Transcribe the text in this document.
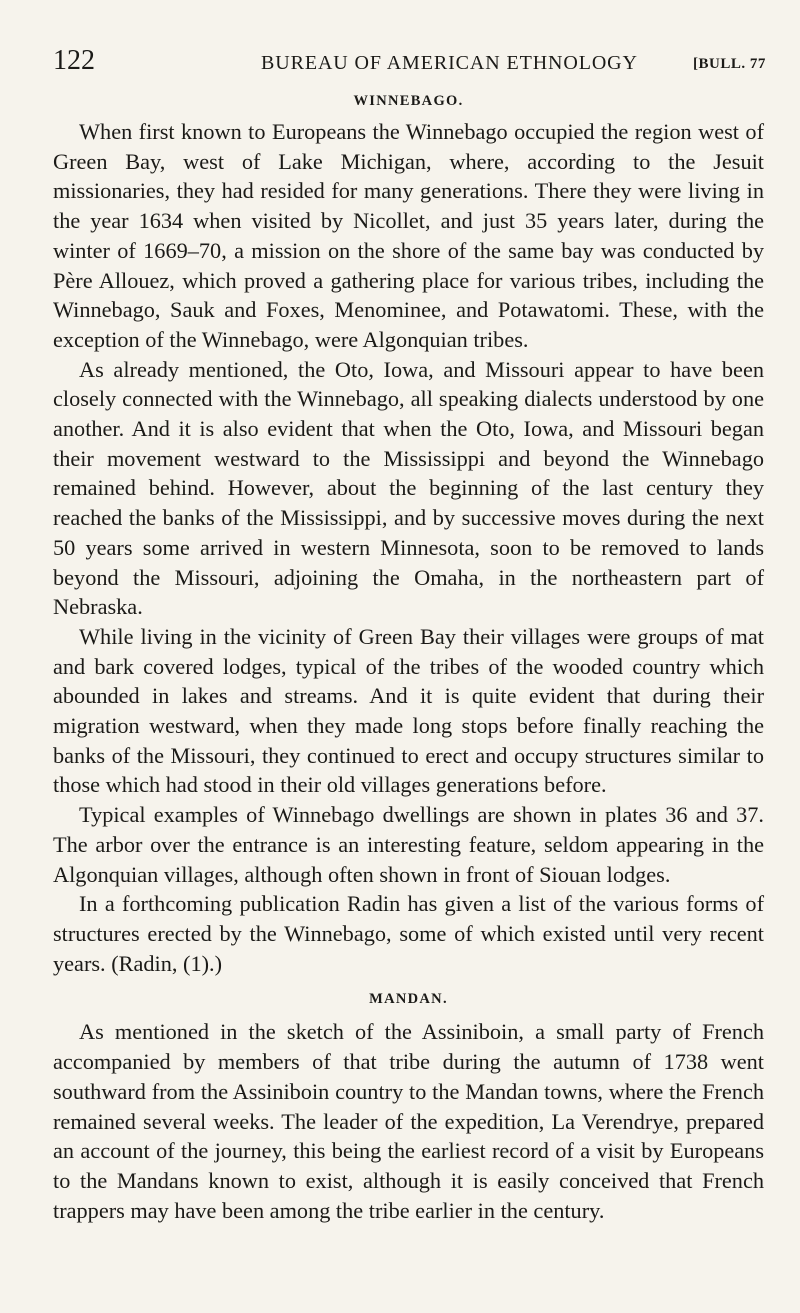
122	BUREAU OF AMERICAN ETHNOLOGY	[BULL. 77
WINNEBAGO.

When first known to Europeans the Winnebago occupied the region west of Green Bay, west of Lake Michigan, where, according to the Jesuit missionaries, they had resided for many generations. There they were living in the year 1634 when visited by Nicollet, and just 35 years later, during the winter of 1669–70, a mission on the shore of the same bay was conducted by Père Allouez, which proved a gathering place for various tribes, including the Winnebago, Sauk and Foxes, Menominee, and Potawatomi. These, with the exception of the Winnebago, were Algonquian tribes.

As already mentioned, the Oto, Iowa, and Missouri appear to have been closely connected with the Winnebago, all speaking dialects understood by one another. And it is also evident that when the Oto, Iowa, and Missouri began their movement westward to the Mississippi and beyond the Winnebago remained behind. However, about the beginning of the last century they reached the banks of the Mississippi, and by successive moves during the next 50 years some arrived in western Minnesota, soon to be removed to lands beyond the Missouri, adjoining the Omaha, in the northeastern part of Nebraska.

While living in the vicinity of Green Bay their villages were groups of mat and bark covered lodges, typical of the tribes of the wooded country which abounded in lakes and streams. And it is quite evident that during their migration westward, when they made long stops before finally reaching the banks of the Missouri, they continued to erect and occupy structures similar to those which had stood in their old villages generations before.

Typical examples of Winnebago dwellings are shown in plates 36 and 37. The arbor over the entrance is an interesting feature, seldom appearing in the Algonquian villages, although often shown in front of Siouan lodges.

In a forthcoming publication Radin has given a list of the various forms of structures erected by the Winnebago, some of which existed until very recent years. (Radin, (1).)

MANDAN.

As mentioned in the sketch of the Assiniboin, a small party of French accompanied by members of that tribe during the autumn of 1738 went southward from the Assiniboin country to the Mandan towns, where the French remained several weeks. The leader of the expedition, La Verendrye, prepared an account of the journey, this being the earliest record of a visit by Europeans to the Mandans known to exist, although it is easily conceived that French trappers may have been among the tribe earlier in the century.
